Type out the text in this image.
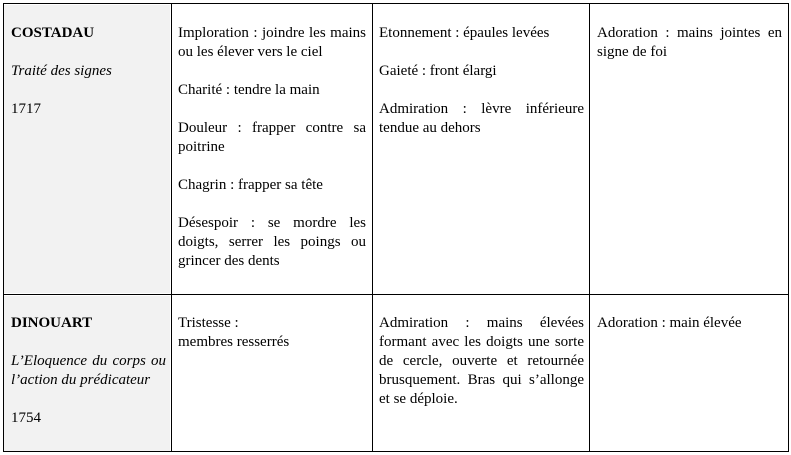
COSTADAU
Traité des signes
1717
Imploration : joindre les mains ou les élever vers le ciel
Charité : tendre la main
Douleur : frapper contre sa poitrine
Chagrin : frapper sa tête
Désespoir : se mordre les doigts, serrer les poings ou grincer des dents
Etonnement : épaules levées
Gaieté : front élargi
Admiration : lèvre inférieure tendue au dehors
Adoration : mains jointes en signe de foi
DINOUART
L’Eloquence du corps ou l’action du prédicateur
1754
Tristesse :
membres resserrés
Admiration : mains élevées formant avec les doigts une sorte de cercle, ouverte et retournée brusquement. Bras qui s’allonge et se déploie.
Adoration : main élevée
